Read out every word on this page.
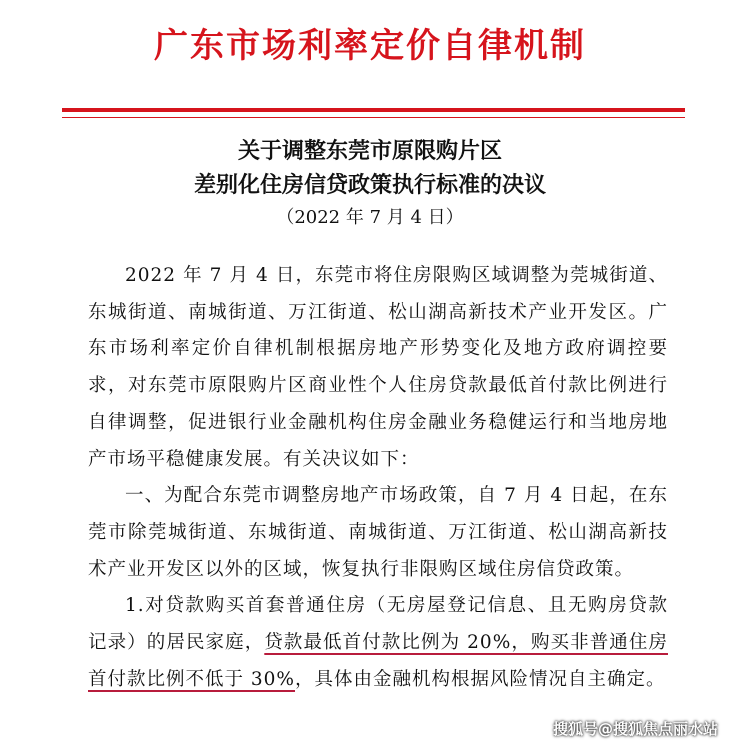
广东市场利率定价自律机制
关于调整东莞市原限购片区
差别化住房信贷政策执行标准的决议
（2022 年 7 月 4 日）

2022 年 7 月 4 日，东莞市将住房限购区域调整为莞城街道、东城街道、南城街道、万江街道、松山湖高新技术产业开发区。广东市场利率定价自律机制根据房地产形势变化及地方政府调控要求，对东莞市原限购片区商业性个人住房贷款最低首付款比例进行自律调整，促进银行业金融机构住房金融业务稳健运行和当地房地产市场平稳健康发展。有关决议如下：

一、为配合东莞市调整房地产市场政策，自 7 月 4 日起，在东莞市除莞城街道、东城街道、南城街道、万江街道、松山湖高新技术产业开发区以外的区域，恢复执行非限购区域住房信贷政策。

1.对贷款购买首套普通住房（无房屋登记信息、且无购房贷款记录）的居民家庭，贷款最低首付款比例为 20%，购买非普通住房首付款比例不低于 30%，具体由金融机构根据风险情况自主确定。

搜狐号@搜狐焦点丽水站
